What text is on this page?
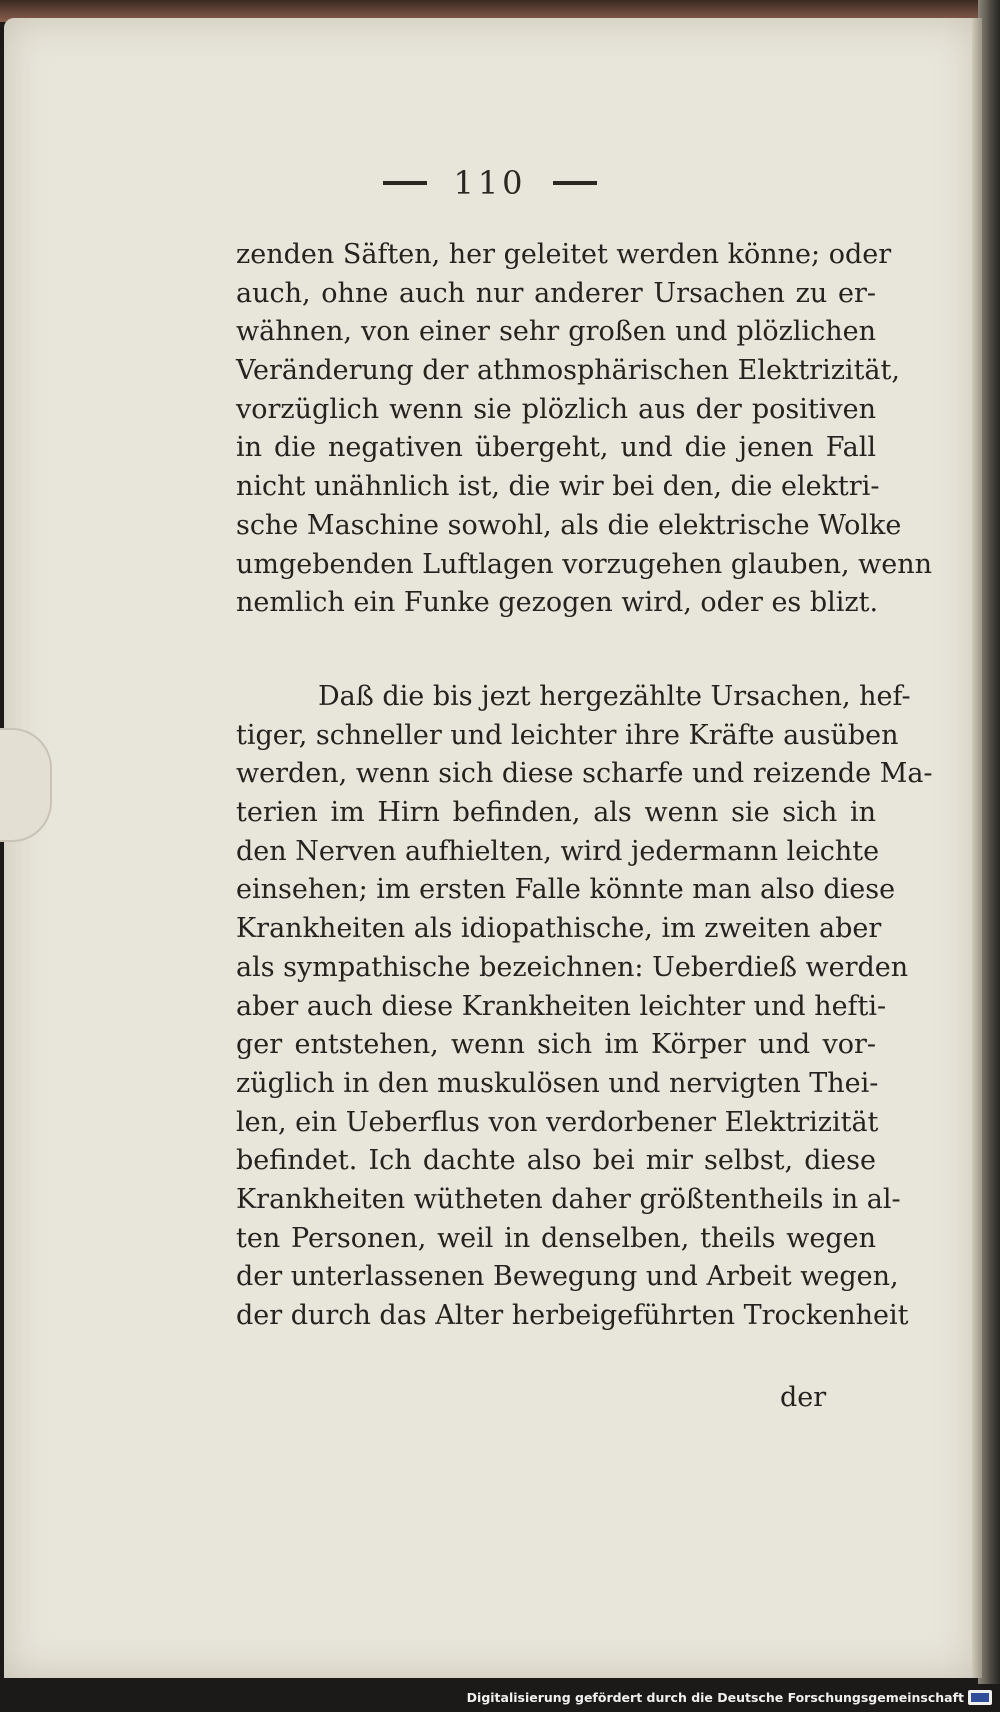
110
zenden Säften, her geleitet werden könne; oder
auch, ohne auch nur anderer Ursachen zu er-
wähnen, von einer sehr großen und plözlichen
Veränderung der athmosphärischen Elektrizität,
vorzüglich wenn sie plözlich aus der positiven
in die negativen übergeht, und die jenen Fall
nicht unähnlich ist, die wir bei den, die elektri-
sche Maschine sowohl, als die elektrische Wolke
umgebenden Luftlagen vorzugehen glauben, wenn
nemlich ein Funke gezogen wird, oder es blizt.
Daß die bis jezt hergezählte Ursachen, hef-
tiger, schneller und leichter ihre Kräfte ausüben
werden, wenn sich diese scharfe und reizende Ma-
terien im Hirn befinden, als wenn sie sich in
den Nerven aufhielten, wird jedermann leichte
einsehen; im ersten Falle könnte man also diese
Krankheiten als idiopathische, im zweiten aber
als sympathische bezeichnen: Ueberdieß werden
aber auch diese Krankheiten leichter und hefti-
ger entstehen, wenn sich im Körper und vor-
züglich in den muskulösen und nervigten Thei-
len, ein Ueberflus von verdorbener Elektrizität
befindet. Ich dachte also bei mir selbst, diese
Krankheiten wütheten daher größtentheils in al-
ten Personen, weil in denselben, theils wegen
der unterlassenen Bewegung und Arbeit wegen,
der durch das Alter herbeigeführten Trockenheit
der
Digitalisierung gefördert durch die Deutsche Forschungsgemeinschaft
